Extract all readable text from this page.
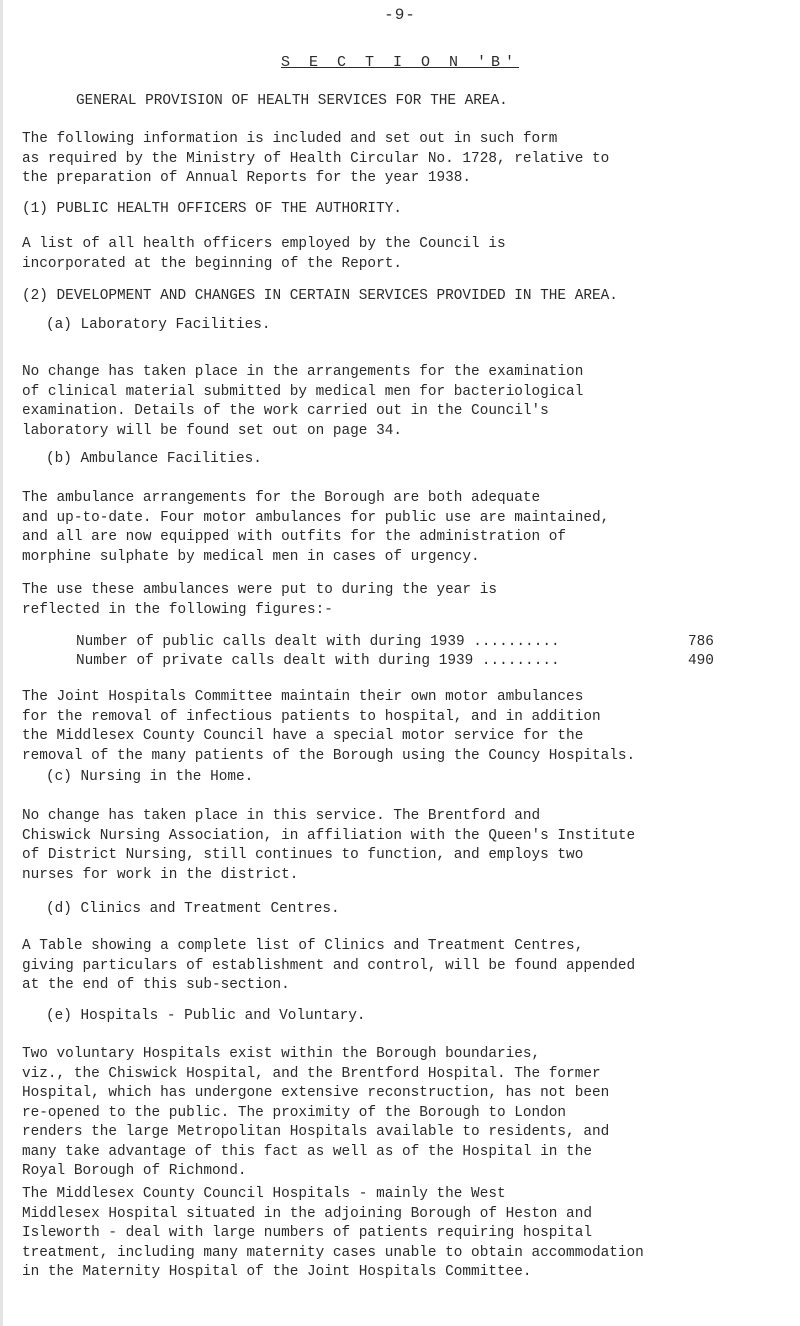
-9-
S E C T I O N 'B'
GENERAL PROVISION OF HEALTH SERVICES FOR THE AREA.

The following information is included and set out in such form
as required by the Ministry of Health Circular No. 1728, relative to
the preparation of Annual Reports for the year 1938.

(1) PUBLIC HEALTH OFFICERS OF THE AUTHORITY.

A list of all health officers employed by the Council is
incorporated at the beginning of the Report.

(2) DEVELOPMENT AND CHANGES IN CERTAIN SERVICES PROVIDED IN THE AREA.
(a) Laboratory Facilities.

No change has taken place in the arrangements for the examination
of clinical material submitted by medical men for bacteriological
examination. Details of the work carried out in the Council's
laboratory will be found set out on page 34.

(b) Ambulance Facilities.

The ambulance arrangements for the Borough are both adequate
and up-to-date. Four motor ambulances for public use are maintained,
and all are now equipped with outfits for the administration of
morphine sulphate by medical men in cases of urgency.

The use these ambulances were put to during the year is
reflected in the following figures:-

Number of public calls dealt with during 1939 ..........	786
Number of private calls dealt with during 1939 .........	490

The Joint Hospitals Committee maintain their own motor ambulances
for the removal of infectious patients to hospital, and in addition
the Middlesex County Council have a special motor service for the
removal of the many patients of the Borough using the Councy Hospitals.

(c) Nursing in the Home.

No change has taken place in this service. The Brentford and
Chiswick Nursing Association, in affiliation with the Queen's Institute
of District Nursing, still continues to function, and employs two
nurses for work in the district.

(d) Clinics and Treatment Centres.

A Table showing a complete list of Clinics and Treatment Centres,
giving particulars of establishment and control, will be found appended
at the end of this sub-section.

(e) Hospitals - Public and Voluntary.

Two voluntary Hospitals exist within the Borough boundaries,
viz., the Chiswick Hospital, and the Brentford Hospital. The former
Hospital, which has undergone extensive reconstruction, has not been
re-opened to the public. The proximity of the Borough to London
renders the large Metropolitan Hospitals available to residents, and
many take advantage of this fact as well as of the Hospital in the
Royal Borough of Richmond.

The Middlesex County Council Hospitals - mainly the West
Middlesex Hospital situated in the adjoining Borough of Heston and
Isleworth - deal with large numbers of patients requiring hospital
treatment, including many maternity cases unable to obtain accommodation
in the Maternity Hospital of the Joint Hospitals Committee.
